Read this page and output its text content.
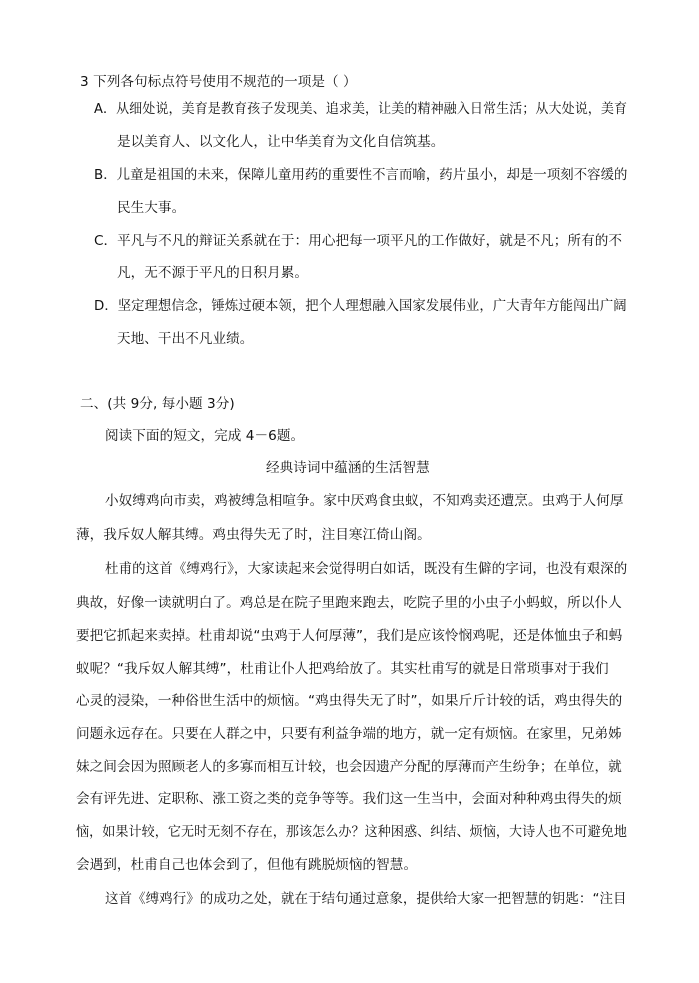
3 下列各句标点符号使用不规范的一项是（ ）
A．从细处说，美育是教育孩子发现美、追求美，让美的精神融入日常生活；从大处说，美育
是以美育人、以文化人，让中华美育为文化自信筑基。
B．儿童是祖国的未来，保障儿童用药的重要性不言而喻，药片虽小，却是一项刻不容缓的
民生大事。
C．平凡与不凡的辩证关系就在于：用心把每一项平凡的工作做好，就是不凡；所有的不
凡，无不源于平凡的日积月累。
D．坚定理想信念，锤炼过硬本领，把个人理想融入国家发展伟业，广大青年方能闯出广阔
天地、干出不凡业绩。
二、(共 9分, 每小题 3分)
阅读下面的短文，完成 4－6题。
经典诗词中蕴涵的生活智慧
小奴缚鸡向市卖，鸡被缚急相喧争。家中厌鸡食虫蚁，不知鸡卖还遭烹。虫鸡于人何厚
薄，我斥奴人解其缚。鸡虫得失无了时，注目寒江倚山阁。
杜甫的这首《缚鸡行》，大家读起来会觉得明白如话，既没有生僻的字词，也没有艰深的
典故，好像一读就明白了。鸡总是在院子里跑来跑去，吃院子里的小虫子小蚂蚁，所以仆人
要把它抓起来卖掉。杜甫却说“虫鸡于人何厚薄”，我们是应该怜悯鸡呢，还是体恤虫子和蚂
蚁呢？“我斥奴人解其缚”，杜甫让仆人把鸡给放了。其实杜甫写的就是日常琐事对于我们
心灵的浸染，一种俗世生活中的烦恼。“鸡虫得失无了时”，如果斤斤计较的话，鸡虫得失的
问题永远存在。只要在人群之中，只要有利益争端的地方，就一定有烦恼。在家里，兄弟姊
妹之间会因为照顾老人的多寡而相互计较，也会因遗产分配的厚薄而产生纷争；在单位，就
会有评先进、定职称、涨工资之类的竞争等等。我们这一生当中，会面对种种鸡虫得失的烦
恼，如果计较，它无时无刻不存在，那该怎么办？这种困惑、纠结、烦恼，大诗人也不可避免地
会遇到，杜甫自己也体会到了，但他有跳脱烦恼的智慧。
这首《缚鸡行》的成功之处，就在于结句通过意象，提供给大家一把智慧的钥匙：“注目
